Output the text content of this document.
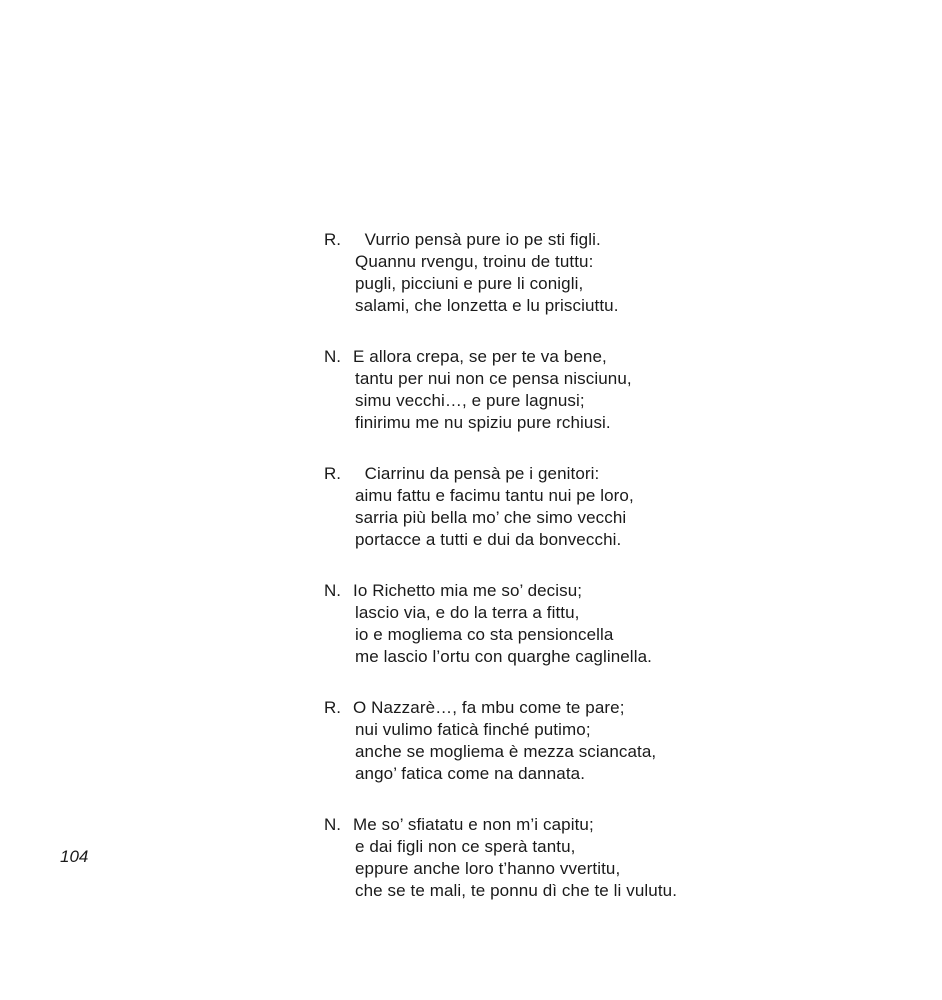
R. Vurrio pensà pure io pe sti figli.
Quannu rvengu, troinu de tuttu:
pugli, picciuni e pure li conigli,
salami, che lonzetta e lu prisciuttu.
N. E allora crepa, se per te va bene,
tantu per nui non ce pensa nisciunu,
simu vecchi…, e pure lagnusi;
finirimu me nu spiziu pure rchiusi.
R. Ciarrinu da pensà pe i genitori:
aimu fattu e facimu tantu nui pe loro,
sarria più bella mo’ che simo vecchi
portacce a tutti e dui da bonvecchi.
N. Io Richetto mia me so’ decisu;
lascio via, e do la terra a fittu,
io e mogliema co sta pensioncella
me lascio l’ortu con quarghe caglinella.
R. O Nazzarè…, fa mbu come te pare;
nui vulimo faticà finché putimo;
anche se mogliema è mezza sciancata,
ango’ fatica come na dannata.
N. Me so’ sfiatatu e non m’i capitu;
e dai figli non ce sperà tantu,
eppure anche loro t’hanno vvertitu,
che se te mali, te ponnu dì che te li vulutu.
104
